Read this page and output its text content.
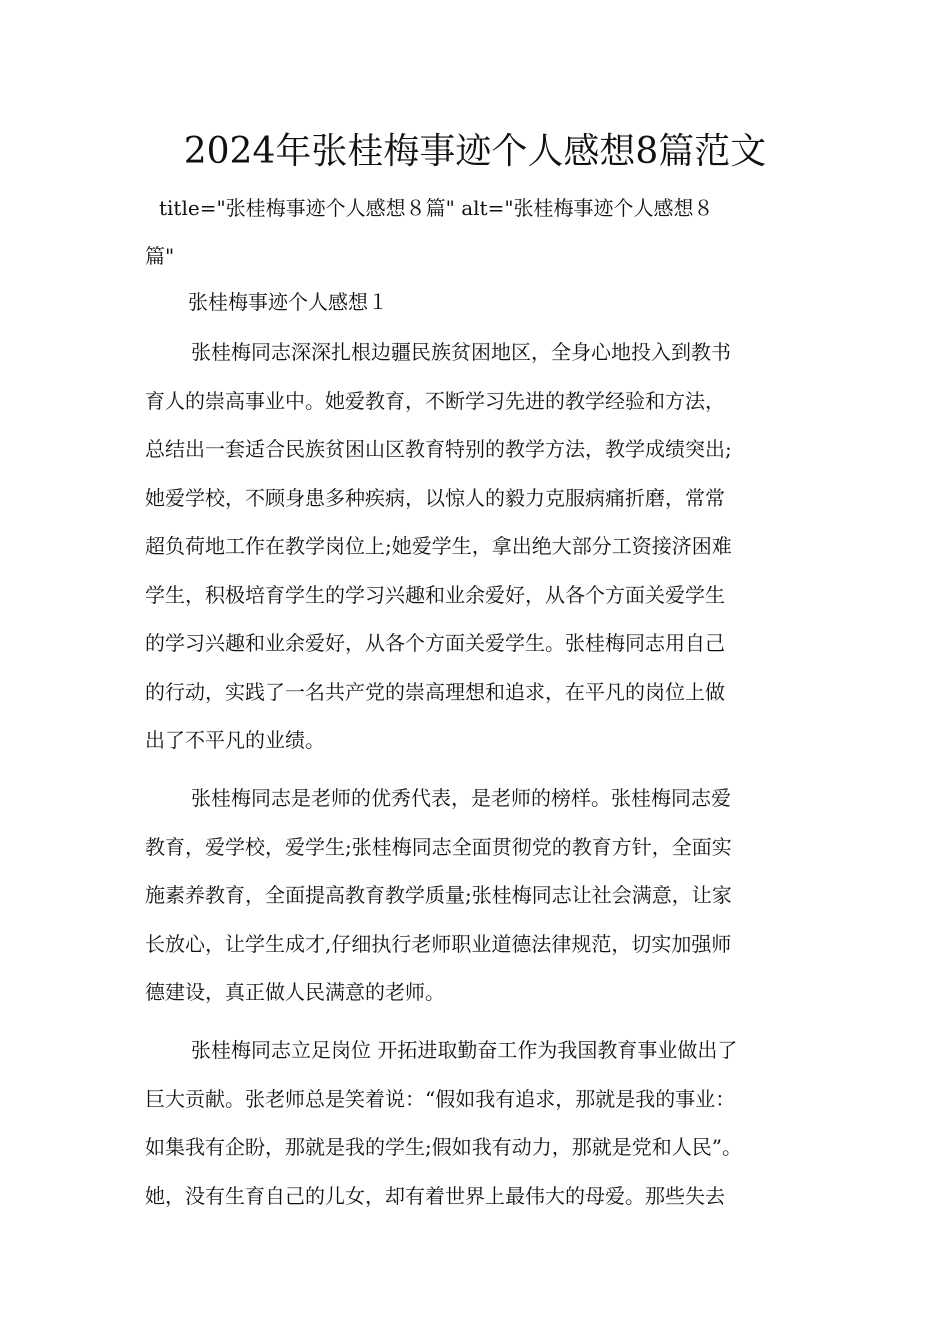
2024年张桂梅事迹个人感想8篇范文

title="张桂梅事迹个人感想８篇" alt="张桂梅事迹个人感想８
篇"

张桂梅事迹个人感想１

张桂梅同志深深扎根边疆民族贫困地区，全身心地投入到教书
育人的崇高事业中。她爱教育，不断学习先进的教学经验和方法，
总结出一套适合民族贫困山区教育特别的教学方法，教学成绩突出;
她爱学校，不顾身患多种疾病，以惊人的毅力克服病痛折磨，常常
超负荷地工作在教学岗位上;她爱学生，拿出绝大部分工资接济困难
学生，积极培育学生的学习兴趣和业余爱好，从各个方面关爱学生
的学习兴趣和业余爱好，从各个方面关爱学生。张桂梅同志用自己
的行动，实践了一名共产党的崇高理想和追求，在平凡的岗位上做
出了不平凡的业绩。
张桂梅同志是老师的优秀代表，是老师的榜样。张桂梅同志爱
教育，爱学校，爱学生;张桂梅同志全面贯彻党的教育方针，全面实
施素养教育，全面提高教育教学质量;张桂梅同志让社会满意，让家
长放心，让学生成才,仔细执行老师职业道德法律规范，切实加强师
德建设，真正做人民满意的老师。
张桂梅同志立足岗位 开拓进取勤奋工作为我国教育事业做出了
巨大贡献。张老师总是笑着说：“假如我有追求，那就是我的事业：
如集我有企盼，那就是我的学生;假如我有动力，那就是党和人民”。
她，没有生育自己的儿女，却有着世界上最伟大的母爱。那些失去
